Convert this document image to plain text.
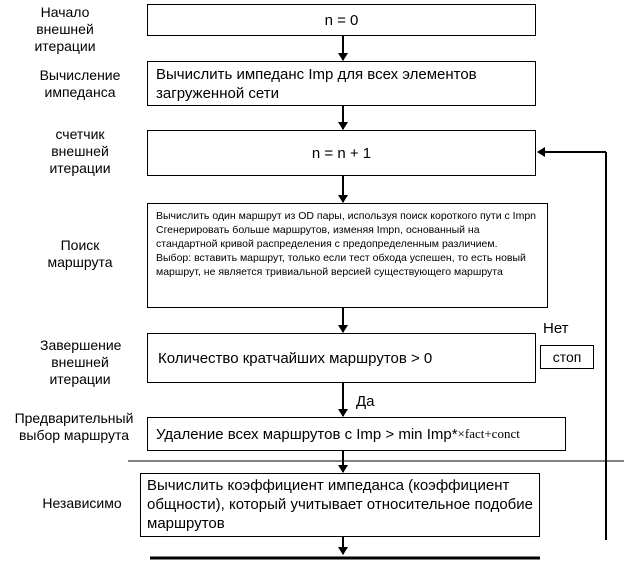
Начало внешней итерации
Вычисление импеданса
счетчик внешней итерации
Поиск маршрута
Завершение внешней итерации
Предварительный выбор маршрута
Независимо
n = 0
Вычислить импеданс Imp для всех элементов загруженной сети
n = n + 1
Вычислить один маршрут из OD пары, используя поиск короткого пути с Impn
Сгенерировать больше маршрутов, изменяя Impn, основанный на стандартной кривой распределения с предопределенным различием.
Выбор: вставить маршрут, только если тест обхода успешен, то есть новый маршрут, не является тривиальной версией существующего маршрута
Количество кратчайших маршрутов > 0
Нет
стоп
Да
Удаление всех маршрутов с Imp > min Imp* ×fact+conct
Вычислить коэффициент импеданса (коэффициент общности), который учитывает относительное подобие маршрутов
